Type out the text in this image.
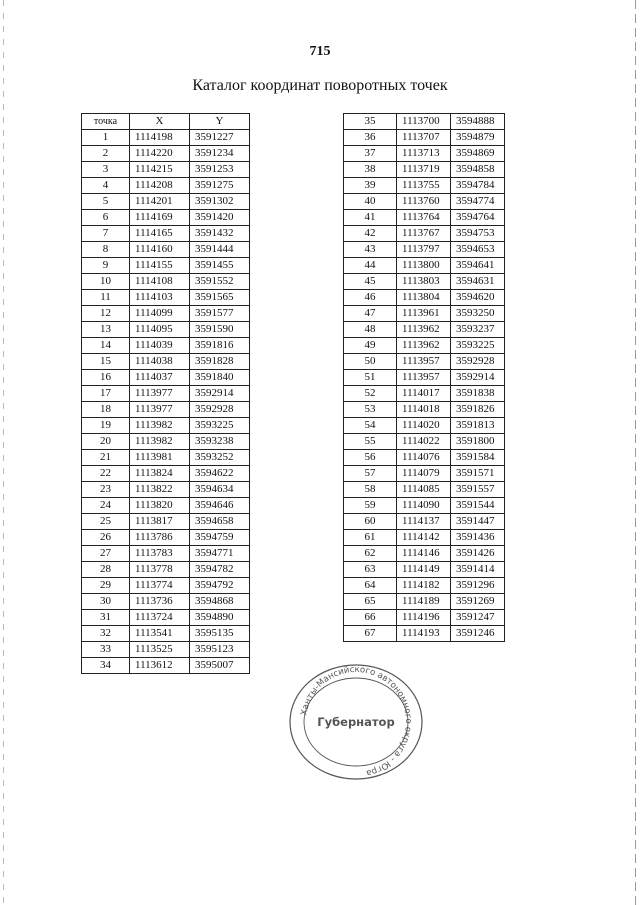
715
Каталог координат поворотных точек
точка	X	Y
1	1114198	3591227
2	1114220	3591234
3	1114215	3591253
4	1114208	3591275
5	1114201	3591302
6	1114169	3591420
7	1114165	3591432
8	1114160	3591444
9	1114155	3591455
10	1114108	3591552
11	1114103	3591565
12	1114099	3591577
13	1114095	3591590
14	1114039	3591816
15	1114038	3591828
16	1114037	3591840
17	1113977	3592914
18	1113977	3592928
19	1113982	3593225
20	1113982	3593238
21	1113981	3593252
22	1113824	3594622
23	1113822	3594634
24	1113820	3594646
25	1113817	3594658
26	1113786	3594759
27	1113783	3594771
28	1113778	3594782
29	1113774	3594792
30	1113736	3594868
31	1113724	3594890
32	1113541	3595135
33	1113525	3595123
34	1113612	3595007
35	1113700	3594888
36	1113707	3594879
37	1113713	3594869
38	1113719	3594858
39	1113755	3594784
40	1113760	3594774
41	1113764	3594764
42	1113767	3594753
43	1113797	3594653
44	1113800	3594641
45	1113803	3594631
46	1113804	3594620
47	1113961	3593250
48	1113962	3593237
49	1113962	3593225
50	1113957	3592928
51	1113957	3592914
52	1114017	3591838
53	1114018	3591826
54	1114020	3591813
55	1114022	3591800
56	1114076	3591584
57	1114079	3591571
58	1114085	3591557
59	1114090	3591544
60	1114137	3591447
61	1114142	3591436
62	1114146	3591426
63	1114149	3591414
64	1114182	3591296
65	1114189	3591269
66	1114196	3591247
67	1114193	3591246
Ханты-Мансийского автономного округа - Югра
Губернатор
